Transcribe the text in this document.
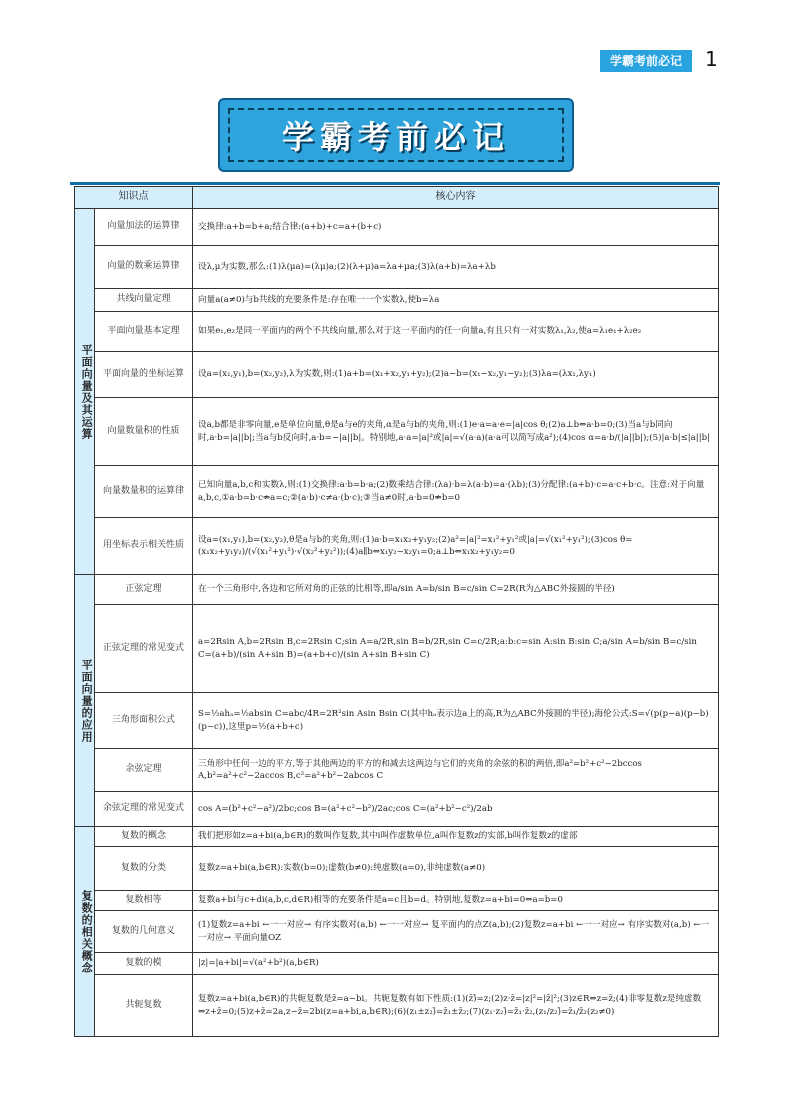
学霸考前必记	1
学霸考前必记
知识点		核心内容

平面向量及其运算	向量加法的运算律	交换律:a+b=b+a;结合律:(a+b)+c=a+(b+c)
	向量的数乘运算律	设λ,μ为实数,那么:(1)λ(μa)=(λμ)a;(2)(λ+μ)a=λa+μa;(3)λ(a+b)=λa+λb
	共线向量定理	向量a(a≠0)与b共线的充要条件是:存在唯一一个实数λ,使b=λa
	平面向量基本定理	如果e₁,e₂是同一平面内的两个不共线向量,那么对于这一平面内的任一向量a,有且只有一对实数λ₁,λ₂,使a=λ₁e₁+λ₂e₂
	平面向量的坐标运算	设a=(x₁,y₁),b=(x₂,y₂),λ为实数,则:(1)a+b=(x₁+x₂,y₁+y₂);(2)a−b=(x₁−x₂,y₁−y₂);(3)λa=(λx₁,λy₁)
	向量数量积的性质	设a,b都是非零向量,e是单位向量,θ是a与e的夹角,α是a与b的夹角,则:(1)e·a=a·e=|a|cos θ;(2)a⊥b⇔a·b=0;(3)当a与b同向时,a·b=|a||b|;当a与b反向时,a·b=−|a||b|。特别地,a·a=|a|²或|a|=√(a·a)(a·a可以简写成a²);(4)cos α=a·b/(|a||b|);(5)|a·b|≤|a||b|
	向量数量积的运算律	已知向量a,b,c和实数λ,则:(1)交换律:a·b=b·a;(2)数乘结合律:(λa)·b=λ(a·b)=a·(λb);(3)分配律:(a+b)·c=a·c+b·c。注意:对于向量a,b,c,①a·b=b·c⇏a=c;②(a·b)·c≠a·(b·c);③当a≠0时,a·b=0⇏b=0
	用坐标表示相关性质	设a=(x₁,y₁),b=(x₂,y₂),θ是a与b的夹角,则:(1)a·b=x₁x₂+y₁y₂;(2)a²=|a|²=x₁²+y₁²或|a|=√(x₁²+y₁²);(3)cos θ=(x₁x₂+y₁y₂)/(√(x₁²+y₁²)·√(x₂²+y₂²));(4)a∥b⇔x₁y₂−x₂y₁=0;a⊥b⇔x₁x₂+y₁y₂=0

平面向量的应用	正弦定理	在一个三角形中,各边和它所对角的正弦的比相等,即a/sin A=b/sin B=c/sin C=2R(R为△ABC外接圆的半径)
	正弦定理的常见变式	a=2Rsin A,b=2Rsin B,c=2Rsin C;sin A=a/2R,sin B=b/2R,sin C=c/2R;a:b:c=sin A:sin B:sin C;a/sin A=b/sin B=c/sin C=(a+b)/(sin A+sin B)=(a+b+c)/(sin A+sin B+sin C)
	三角形面积公式	S=½ahₐ=½absin C=abc/4R=2R²sin Asin Bsin C(其中hₐ表示边a上的高,R为△ABC外接圆的半径);海伦公式:S=√(p(p−a)(p−b)(p−c)),这里p=½(a+b+c)
	余弦定理	三角形中任何一边的平方,等于其他两边的平方的和减去这两边与它们的夹角的余弦的积的两倍,即a²=b²+c²−2bccos A,b²=a²+c²−2accos B,c²=a²+b²−2abcos C
	余弦定理的常见变式	cos A=(b²+c²−a²)/2bc;cos B=(a²+c²−b²)/2ac;cos C=(a²+b²−c²)/2ab

复数的相关概念	复数的概念	我们把形如z=a+bi(a,b∈R)的数叫作复数,其中i叫作虚数单位,a叫作复数z的实部,b叫作复数z的虚部
	复数的分类	复数z=a+bi(a,b∈R):实数(b=0);虚数(b≠0):纯虚数(a=0),非纯虚数(a≠0)
	复数相等	复数a+bi与c+di(a,b,c,d∈R)相等的充要条件是a=c且b=d。特别地,复数z=a+bi=0⇔a=b=0
	复数的几何意义	(1)复数z=a+bi ←一一对应→ 有序实数对(a,b) ←一一对应→ 复平面内的点Z(a,b);(2)复数z=a+bi ←一一对应→ 有序实数对(a,b) ←一一对应→ 平面向量OZ
	复数的模	|z|=|a+bi|=√(a²+b²)(a,b∈R)
	共轭复数	复数z=a+bi(a,b∈R)的共轭复数是z̄=a−bi。共轭复数有如下性质:(1)(z̄)̄=z;(2)z·z̄=|z|²=|z̄|²;(3)z∈R⇔z=z̄;(4)非零复数z是纯虚数⇔z+z̄=0;(5)z+z̄=2a,z−z̄=2bi(z=a+bi,a,b∈R);(6)(z₁±z₂)̄=z̄₁±z̄₂;(7)(z₁·z₂)̄=z̄₁·z̄₂,(z₁/z₂)̄=z̄₁/z̄₂(z₂≠0)
